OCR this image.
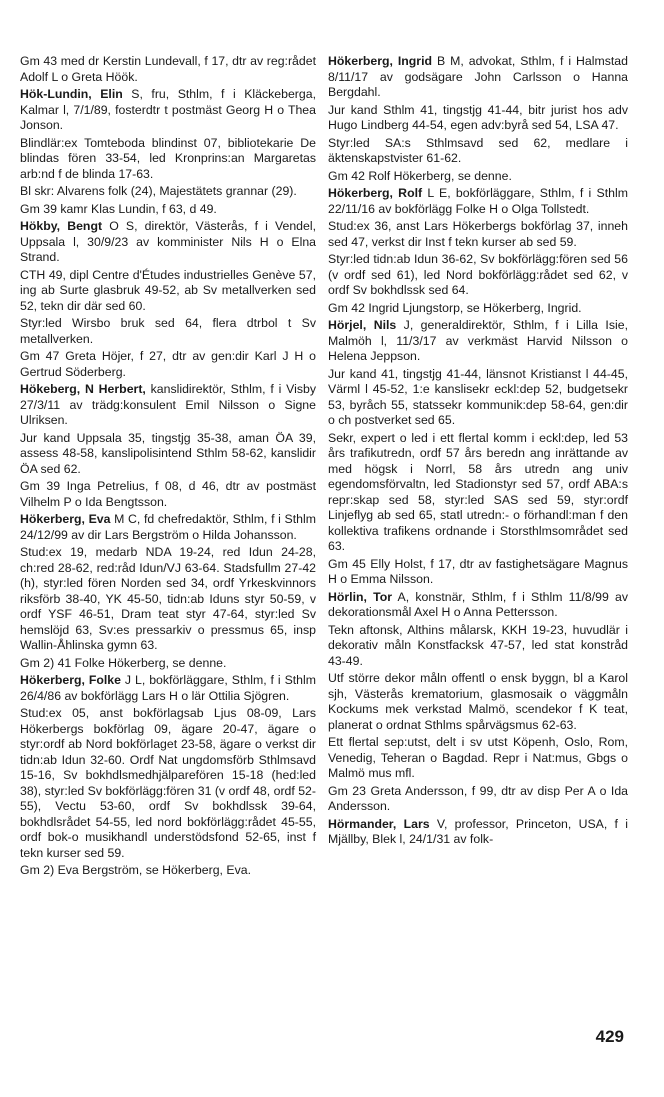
Gm 43 med dr Kerstin Lundevall, f 17, dtr av reg:rådet Adolf L o Greta Höök.

Hök-Lundin, Elin S, fru, Sthlm, f i Kläckeberga, Kalmar l, 7/1/89, fosterdtr t postmäst Georg H o Thea Jonson.

Blindlär:ex Tomteboda blindinst 07, bibliotekarie De blindas fören 33-54, led Kronprins:an Margaretas arb:nd f de blinda 17-63.

Bl skr: Alvarens folk (24), Majestätets grannar (29).

Gm 39 kamr Klas Lundin, f 63, d 49.

Hökby, Bengt O S, direktör, Västerås, f i Vendel, Uppsala l, 30/9/23 av komminister Nils H o Elna Strand.

CTH 49, dipl Centre d'Études industrielles Genève 57, ing ab Surte glasbruk 49-52, ab Sv metallverken sed 52, tekn dir där sed 60.

Styr:led Wirsbo bruk sed 64, flera dtrbol t Sv metallverken.

Gm 47 Greta Höjer, f 27, dtr av gen:dir Karl J H o Gertrud Söderberg.

Hökeberg, N Herbert, kanslidirektör, Sthlm, f i Visby 27/3/11 av trädg:konsulent Emil Nilsson o Signe Ulriksen.

Jur kand Uppsala 35, tingstjg 35-38, aman ÖA 39, assess 48-58, kanslipolisintend Sthlm 58-62, kanslidir ÖA sed 62.

Gm 39 Inga Petrelius, f 08, d 46, dtr av postmäst Vilhelm P o Ida Bengtsson.

Hökerberg, Eva M C, fd chefredaktör, Sthlm, f i Sthlm 24/12/99 av dir Lars Bergström o Hilda Johansson.

Stud:ex 19, medarb NDA 19-24, red Idun 24-28, ch:red 28-62, red:råd Idun/VJ 63-64. Stadsfullm 27-42 (h), styr:led fören Norden sed 34, ordf Yrkeskvinnors riksförb 38-40, YK 45-50, tidn:ab Iduns styr 50-59, v ordf YSF 46-51, Dram teat styr 47-64, styr:led Sv hemslöjd 63, Sv:es pressarkiv o pressmus 65, insp Wallin-Åhlinska gymn 63.

Gm 2) 41 Folke Hökerberg, se denne.

Hökerberg, Folke J L, bokförläggare, Sthlm, f i Sthlm 26/4/86 av bokförlägg Lars H o lär Ottilia Sjögren.

Stud:ex 05, anst bokförlagsab Ljus 08-09, Lars Hökerbergs bokförlag 09, ägare 20-47, ägare o styr:ordf ab Nord bokförlaget 23-58, ägare o verkst dir tidn:ab Idun 32-60. Ordf Nat ungdomsförb Sthlmsavd 15-16, Sv bokhdlsmedhjälparefören 15-18 (hed:led 38), styr:led Sv bokförlägg:fören 31 (v ordf 48, ordf 52-55), Vectu 53-60, ordf Sv bokhdlssk 39-64, bokhdlsrådet 54-55, led nord bokförlägg:rådet 45-55, ordf bok-o musikhandl understödsfond 52-65, inst f tekn kurser sed 59.

Gm 2) Eva Bergström, se Hökerberg, Eva.

Hökerberg, Ingrid B M, advokat, Sthlm, f i Halmstad 8/11/17 av godsägare John Carlsson o Hanna Bergdahl.

Jur kand Sthlm 41, tingstjg 41-44, bitr jurist hos adv Hugo Lindberg 44-54, egen adv:byrå sed 54, LSA 47.

Styr:led SA:s Sthlmsavd sed 62, medlare i äktenskapstvister 61-62.

Gm 42 Rolf Hökerberg, se denne.

Hökerberg, Rolf L E, bokförläggare, Sthlm, f i Sthlm 22/11/16 av bokförlägg Folke H o Olga Tollstedt.

Stud:ex 36, anst Lars Hökerbergs bokförlag 37, inneh sed 47, verkst dir Inst f tekn kurser ab sed 59.

Styr:led tidn:ab Idun 36-62, Sv bokförlägg:fören sed 56 (v ordf sed 61), led Nord bokförlägg:rådet sed 62, v ordf Sv bokhdlssk sed 64.

Gm 42 Ingrid Ljungstorp, se Hökerberg, Ingrid.

Hörjel, Nils J, generaldirektör, Sthlm, f i Lilla Isie, Malmöh l, 11/3/17 av verkmäst Harvid Nilsson o Helena Jeppson.

Jur kand 41, tingstjg 41-44, länsnot Kristianst l 44-45, Värml l 45-52, 1:e kanslisekr eckl:dep 52, budgetsekr 53, byråch 55, statssekr kommunik:dep 58-64, gen:dir o ch postverket sed 65.

Sekr, expert o led i ett flertal komm i eckl:dep, led 53 års trafikutredn, ordf 57 års beredn ang inrättande av med högsk i Norrl, 58 års utredn ang univ egendomsförvaltn, led Stadionstyr sed 57, ordf ABA:s repr:skap sed 58, styr:led SAS sed 59, styr:ordf Linjeflyg ab sed 65, statl utredn:- o förhandl:man f den kollektiva trafikens ordnande i Storsthlmsområdet sed 63.

Gm 45 Elly Holst, f 17, dtr av fastighetsägare Magnus H o Emma Nilsson.

Hörlin, Tor A, konstnär, Sthlm, f i Sthlm 11/8/99 av dekorationsmål Axel H o Anna Pettersson.

Tekn aftonsk, Althins målarsk, KKH 19-23, huvudlär i dekorativ måln Konstfacksk 47-57, led stat konstråd 43-49.

Utf större dekor måln offentl o ensk byggn, bl a Karol sjh, Västerås krematorium, glasmosaik o väggmåln Kockums mek verkstad Malmö, scendekor f K teat, planerat o ordnat Sthlms spårvägsmus 62-63.

Ett flertal sep:utst, delt i sv utst Köpenh, Oslo, Rom, Venedig, Teheran o Bagdad. Repr i Nat:mus, Gbgs o Malmö mus mfl.

Gm 23 Greta Andersson, f 99, dtr av disp Per A o Ida Andersson.

Hörmander, Lars V, professor, Princeton, USA, f i Mjällby, Blek l, 24/1/31 av folk-

429
